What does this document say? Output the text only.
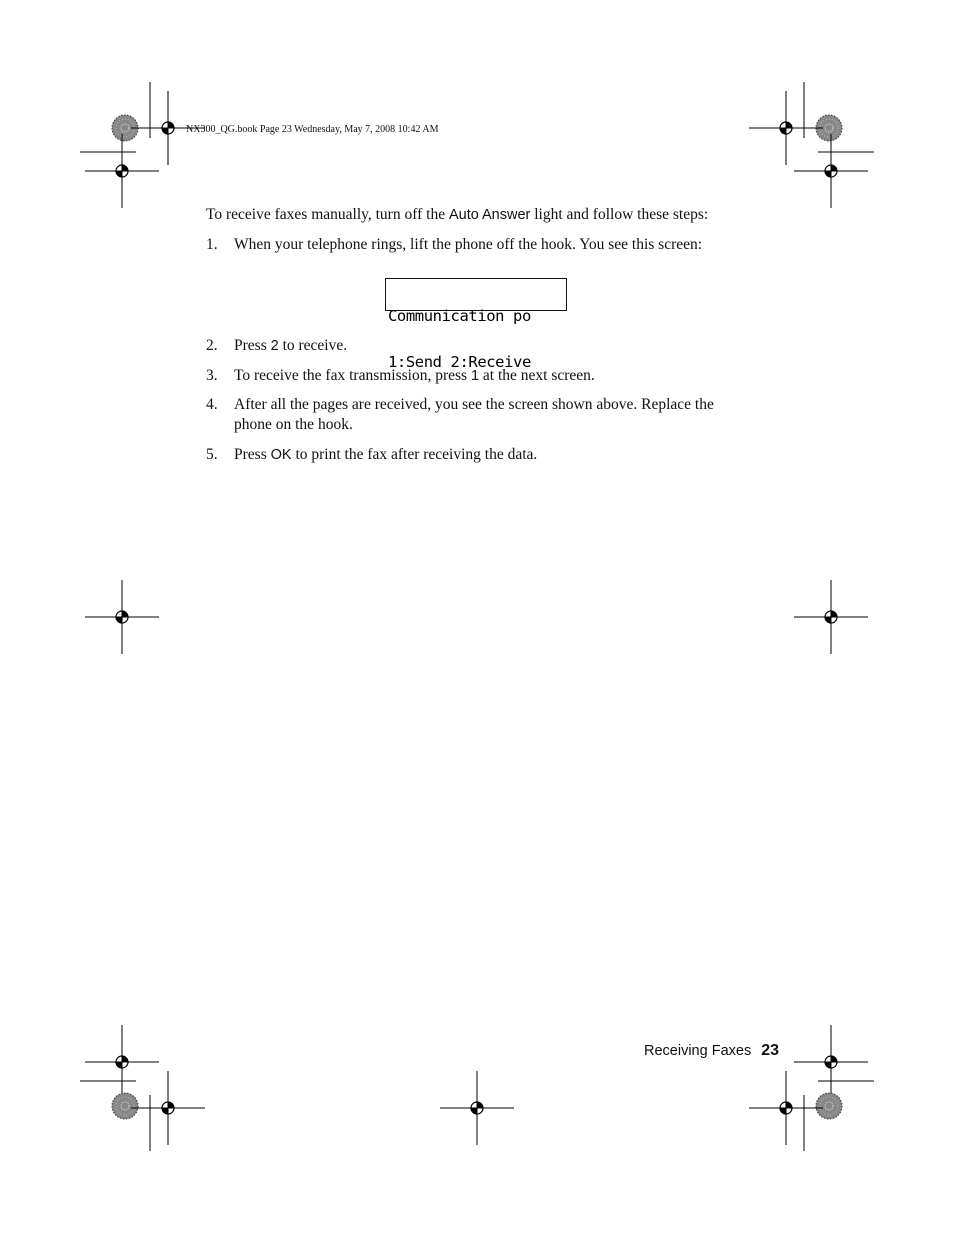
NX300_QG.book Page 23 Wednesday, May 7, 2008 10:42 AM

To receive faxes manually, turn off the Auto Answer light and follow these steps:

1.	When your telephone rings, lift the phone off the hook. You see this screen:

Communication po

1:Send 2:Receive

2.	Press 2 to receive.
3.	To receive the fax transmission, press 1 at the next screen.
4.	After all the pages are received, you see the screen shown above. Replace the phone on the hook.
5.	Press OK to print the fax after receiving the data.
Receiving Faxes 23
